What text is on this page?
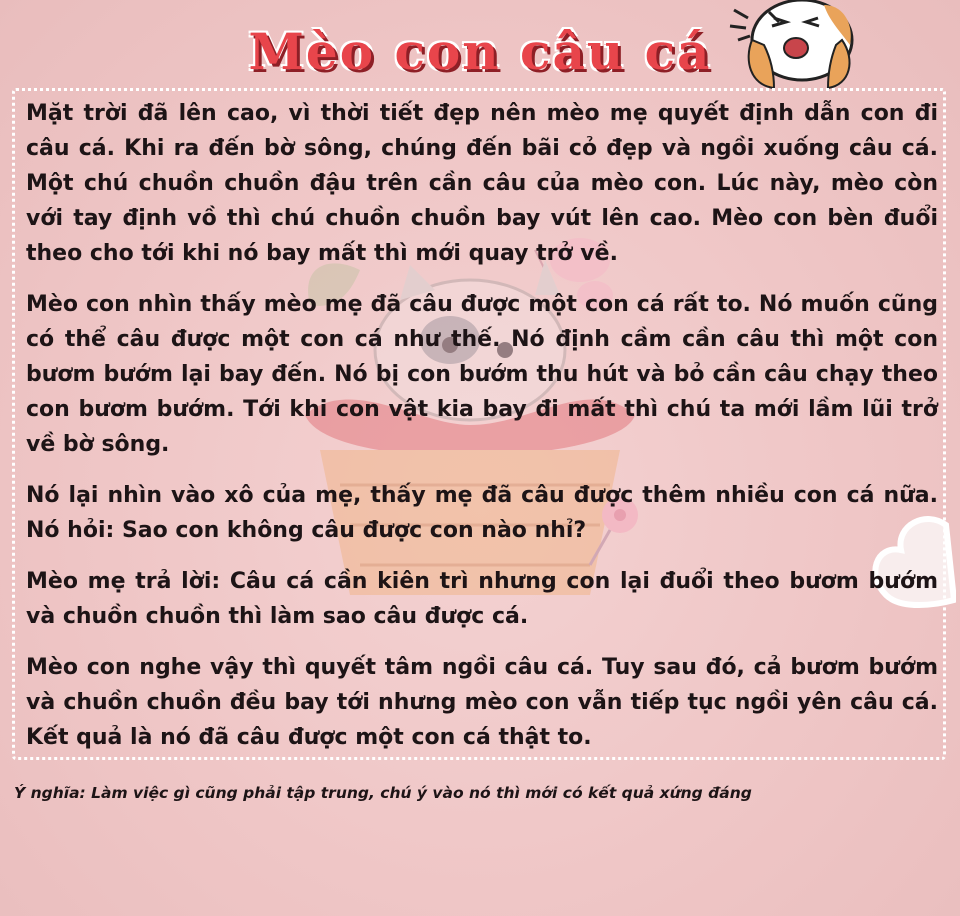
Mèo con câu cá

Mặt trời đã lên cao, vì thời tiết đẹp nên mèo mẹ quyết định dẫn con đi câu cá. Khi ra đến bờ sông, chúng đến bãi cỏ đẹp và ngồi xuống câu cá. Một chú chuồn chuồn đậu trên cần câu của mèo con. Lúc này, mèo còn với tay định vồ thì chú chuồn chuồn bay vút lên cao. Mèo con bèn đuổi theo cho tới khi nó bay mất thì mới quay trở về.

Mèo con nhìn thấy mèo mẹ đã câu được một con cá rất to. Nó muốn cũng có thể câu được một con cá như thế. Nó định cầm cần câu thì một con bươm bướm lại bay đến. Nó bị con bướm thu hút và bỏ cần câu chạy theo con bươm bướm. Tới khi con vật kia bay đi mất thì chú ta mới lầm lũi trở về bờ sông.

Nó lại nhìn vào xô của mẹ, thấy mẹ đã câu được thêm nhiều con cá nữa. Nó hỏi: Sao con không câu được con nào nhỉ?

Mèo mẹ trả lời: Câu cá cần kiên trì nhưng con lại đuổi theo bươm bướm và chuồn chuồn thì làm sao câu được cá.

Mèo con nghe vậy thì quyết tâm ngồi câu cá. Tuy sau đó, cả bươm bướm và chuồn chuồn đều bay tới nhưng mèo con vẫn tiếp tục ngồi yên câu cá. Kết quả là nó đã câu được một con cá thật to.

Ý nghĩa: Làm việc gì cũng phải tập trung, chú ý vào nó thì mới có kết quả xứng đáng
